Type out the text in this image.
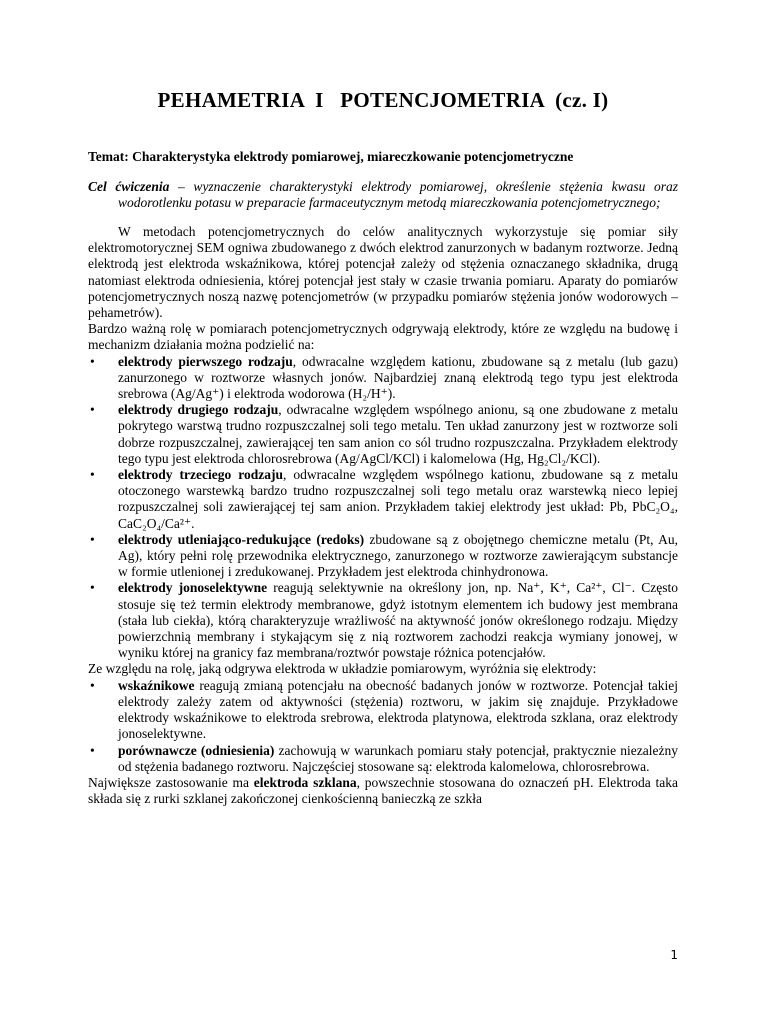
PEHAMETRIA  I   POTENCJOMETRIA  (cz. I)
Temat: Charakterystyka elektrody pomiarowej, miareczkowanie potencjometryczne
Cel ćwiczenia – wyznaczenie charakterystyki elektrody pomiarowej, określenie stężenia kwasu oraz wodorotlenku potasu w preparacie farmaceutycznym metodą miareczkowania potencjometrycznego;

W metodach potencjometrycznych do celów analitycznych wykorzystuje się pomiar siły elektromotorycznej SEM ogniwa zbudowanego z dwóch elektrod zanurzonych w badanym roztworze. Jedną elektrodą jest elektroda wskaźnikowa, której potencjał zależy od stężenia oznaczanego składnika, drugą natomiast elektroda odniesienia, której potencjał jest stały w czasie trwania pomiaru. Aparaty do pomiarów potencjometrycznych noszą nazwę potencjometrów (w przypadku pomiarów stężenia jonów wodorowych – pehametrów).

Bardzo ważną rolę w pomiarach potencjometrycznych odgrywają elektrody, które ze względu na budowę i mechanizm działania można podzielić na:

• elektrody pierwszego rodzaju, odwracalne względem kationu, zbudowane są z metalu (lub gazu) zanurzonego w roztworze własnych jonów. Najbardziej znaną elektrodą tego typu jest elektroda srebrowa (Ag/Ag⁺) i elektroda wodorowa (H₂/H⁺).
• elektrody drugiego rodzaju, odwracalne względem wspólnego anionu, są one zbudowane z metalu pokrytego warstwą trudno rozpuszczalnej soli tego metalu. Ten układ zanurzony jest w roztworze soli dobrze rozpuszczalnej, zawierającej ten sam anion co sól trudno rozpuszczalna. Przykładem elektrody tego typu jest elektroda chlorosrebrowa (Ag/AgCl/KCl) i kalomelowa (Hg, Hg₂Cl₂/KCl).
• elektrody trzeciego rodzaju, odwracalne względem wspólnego kationu, zbudowane są z metalu otoczonego warstewką bardzo trudno rozpuszczalnej soli tego metalu oraz warstewką nieco lepiej rozpuszczalnej soli zawierającej tej sam anion. Przykładem takiej elektrody jest układ: Pb, PbC₂O₄, CaC₂O₄/Ca²⁺.
• elektrody utleniająco-redukujące (redoks) zbudowane są z obojętnego chemiczne metalu (Pt, Au, Ag), który pełni rolę przewodnika elektrycznego, zanurzonego w roztworze zawierającym substancje w formie utlenionej i zredukowanej. Przykładem jest elektroda chinhydronowa.
• elektrody jonoselektywne reagują selektywnie na określony jon, np. Na⁺, K⁺, Ca²⁺, Cl⁻. Często stosuje się też termin elektrody membranowe, gdyż istotnym elementem ich budowy jest membrana (stała lub ciekła), którą charakteryzuje wrażliwość na aktywność jonów określonego rodzaju. Między powierzchnią membrany i stykającym się z nią roztworem zachodzi reakcja wymiany jonowej, w wyniku której na granicy faz membrana/roztwór powstaje różnica potencjałów.

Ze względu na rolę, jaką odgrywa elektroda w układzie pomiarowym, wyróżnia się elektrody:

• wskaźnikowe reagują zmianą potencjału na obecność badanych jonów w roztworze. Potencjał takiej elektrody zależy zatem od aktywności (stężenia) roztworu, w jakim się znajduje. Przykładowe elektrody wskaźnikowe to elektroda srebrowa, elektroda platynowa, elektroda szklana, oraz elektrody jonoselektywne.
• porównawcze (odniesienia) zachowują w warunkach pomiaru stały potencjał, praktycznie niezależny od stężenia badanego roztworu. Najczęściej stosowane są: elektroda kalomelowa, chlorosrebrowa.

Największe zastosowanie ma elektroda szklana, powszechnie stosowana do oznaczeń pH. Elektroda taka składa się z rurki szklanej zakończonej cienkościenną banieczką ze szkła

1
